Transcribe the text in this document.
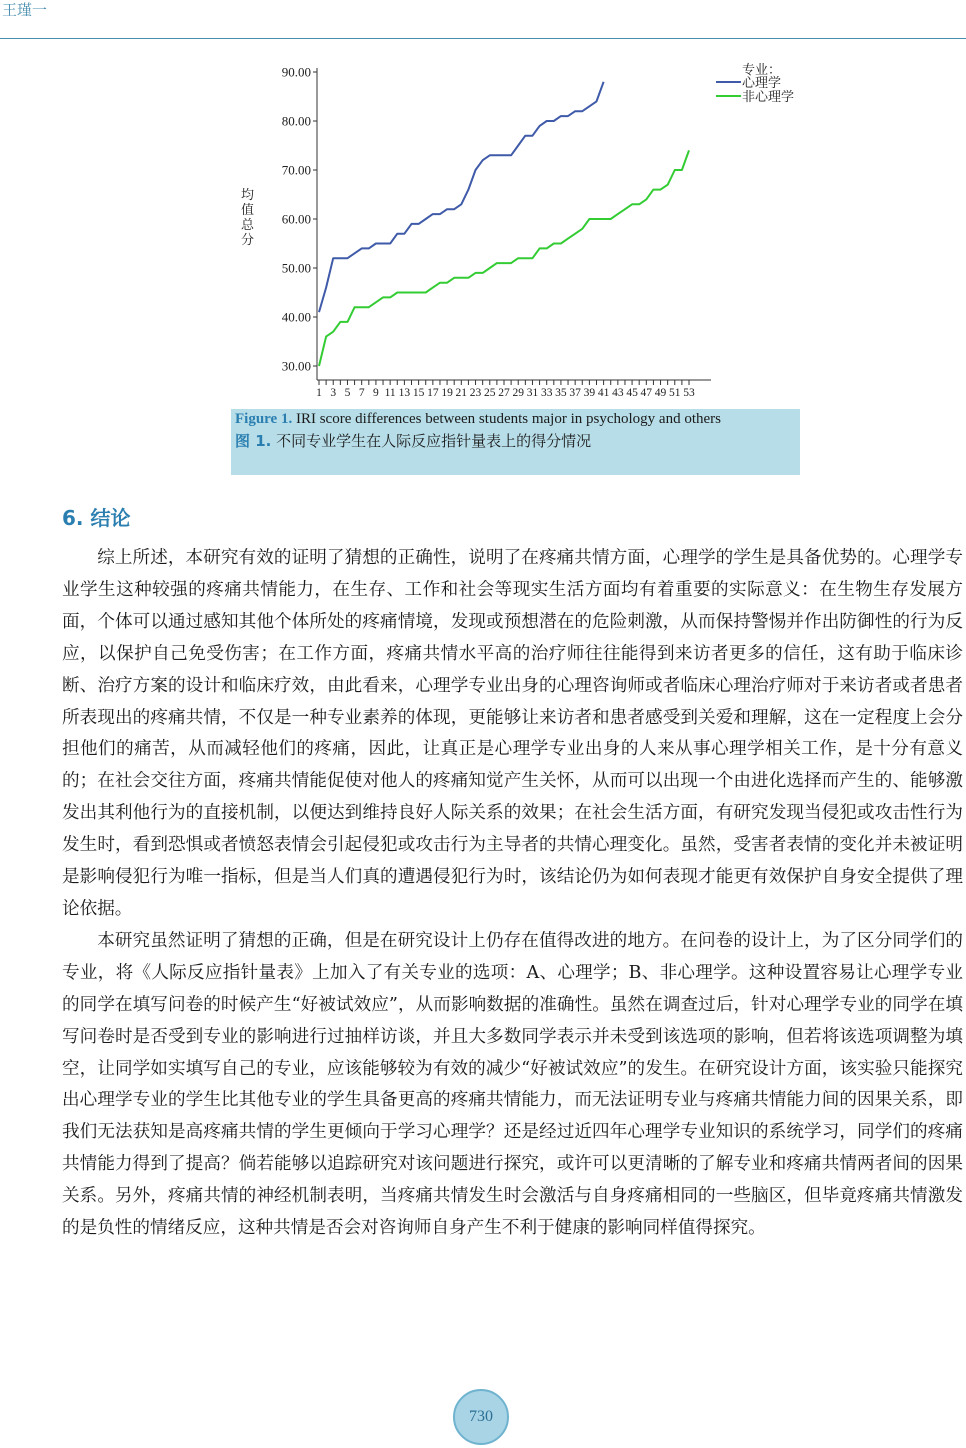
王瑾一
30.00
40.00
50.00
60.00
70.00
80.00
90.00
1 3 5 7 9 11 13 15 17 19 21 23 25 27 29 31 33 35 37 39 41 43 45 47 49 51 53
专业：
心理学
非心理学
均值总分
Figure 1. IRI score differences between students major in psychology and others
图 1. 不同专业学生在人际反应指针量表上的得分情况
6. 结论

综上所述，本研究有效的证明了猜想的正确性，说明了在疼痛共情方面，心理学的学生是具备优势的。心理学专业学生这种较强的疼痛共情能力，在生存、工作和社会等现实生活方面均有着重要的实际意义：在生物生存发展方面，个体可以通过感知其他个体所处的疼痛情境，发现或预想潜在的危险刺激，从而保持警惕并作出防御性的行为反应，以保护自己免受伤害；在工作方面，疼痛共情水平高的治疗师往往能得到来访者更多的信任，这有助于临床诊断、治疗方案的设计和临床疗效，由此看来，心理学专业出身的心理咨询师或者临床心理治疗师对于来访者或者患者所表现出的疼痛共情，不仅是一种专业素养的体现，更能够让来访者和患者感受到关爱和理解，这在一定程度上会分担他们的痛苦，从而减轻他们的疼痛，因此，让真正是心理学专业出身的人来从事心理学相关工作，是十分有意义的；在社会交往方面，疼痛共情能促使对他人的疼痛知觉产生关怀，从而可以出现一个由进化选择而产生的、能够激发出其利他行为的直接机制，以便达到维持良好人际关系的效果；在社会生活方面，有研究发现当侵犯或攻击性行为发生时，看到恐惧或者愤怒表情会引起侵犯或攻击行为主导者的共情心理变化。虽然，受害者表情的变化并未被证明是影响侵犯行为唯一指标，但是当人们真的遭遇侵犯行为时，该结论仍为如何表现才能更有效保护自身安全提供了理论依据。

本研究虽然证明了猜想的正确，但是在研究设计上仍存在值得改进的地方。在问卷的设计上，为了区分同学们的专业，将《人际反应指针量表》上加入了有关专业的选项：A、心理学；B、非心理学。这种设置容易让心理学专业的同学在填写问卷的时候产生“好被试效应”，从而影响数据的准确性。虽然在调查过后，针对心理学专业的同学在填写问卷时是否受到专业的影响进行过抽样访谈，并且大多数同学表示并未受到该选项的影响，但若将该选项调整为填空，让同学如实填写自己的专业，应该能够较为有效的减少“好被试效应”的发生。在研究设计方面，该实验只能探究出心理学专业的学生比其他专业的学生具备更高的疼痛共情能力，而无法证明专业与疼痛共情能力间的因果关系，即我们无法获知是高疼痛共情的学生更倾向于学习心理学？还是经过近四年心理学专业知识的系统学习，同学们的疼痛共情能力得到了提高？倘若能够以追踪研究对该问题进行探究，或许可以更清晰的了解专业和疼痛共情两者间的因果关系。另外，疼痛共情的神经机制表明，当疼痛共情发生时会激活与自身疼痛相同的一些脑区，但毕竟疼痛共情激发的是负性的情绪反应，这种共情是否会对咨询师自身产生不利于健康的影响同样值得探究。

730
